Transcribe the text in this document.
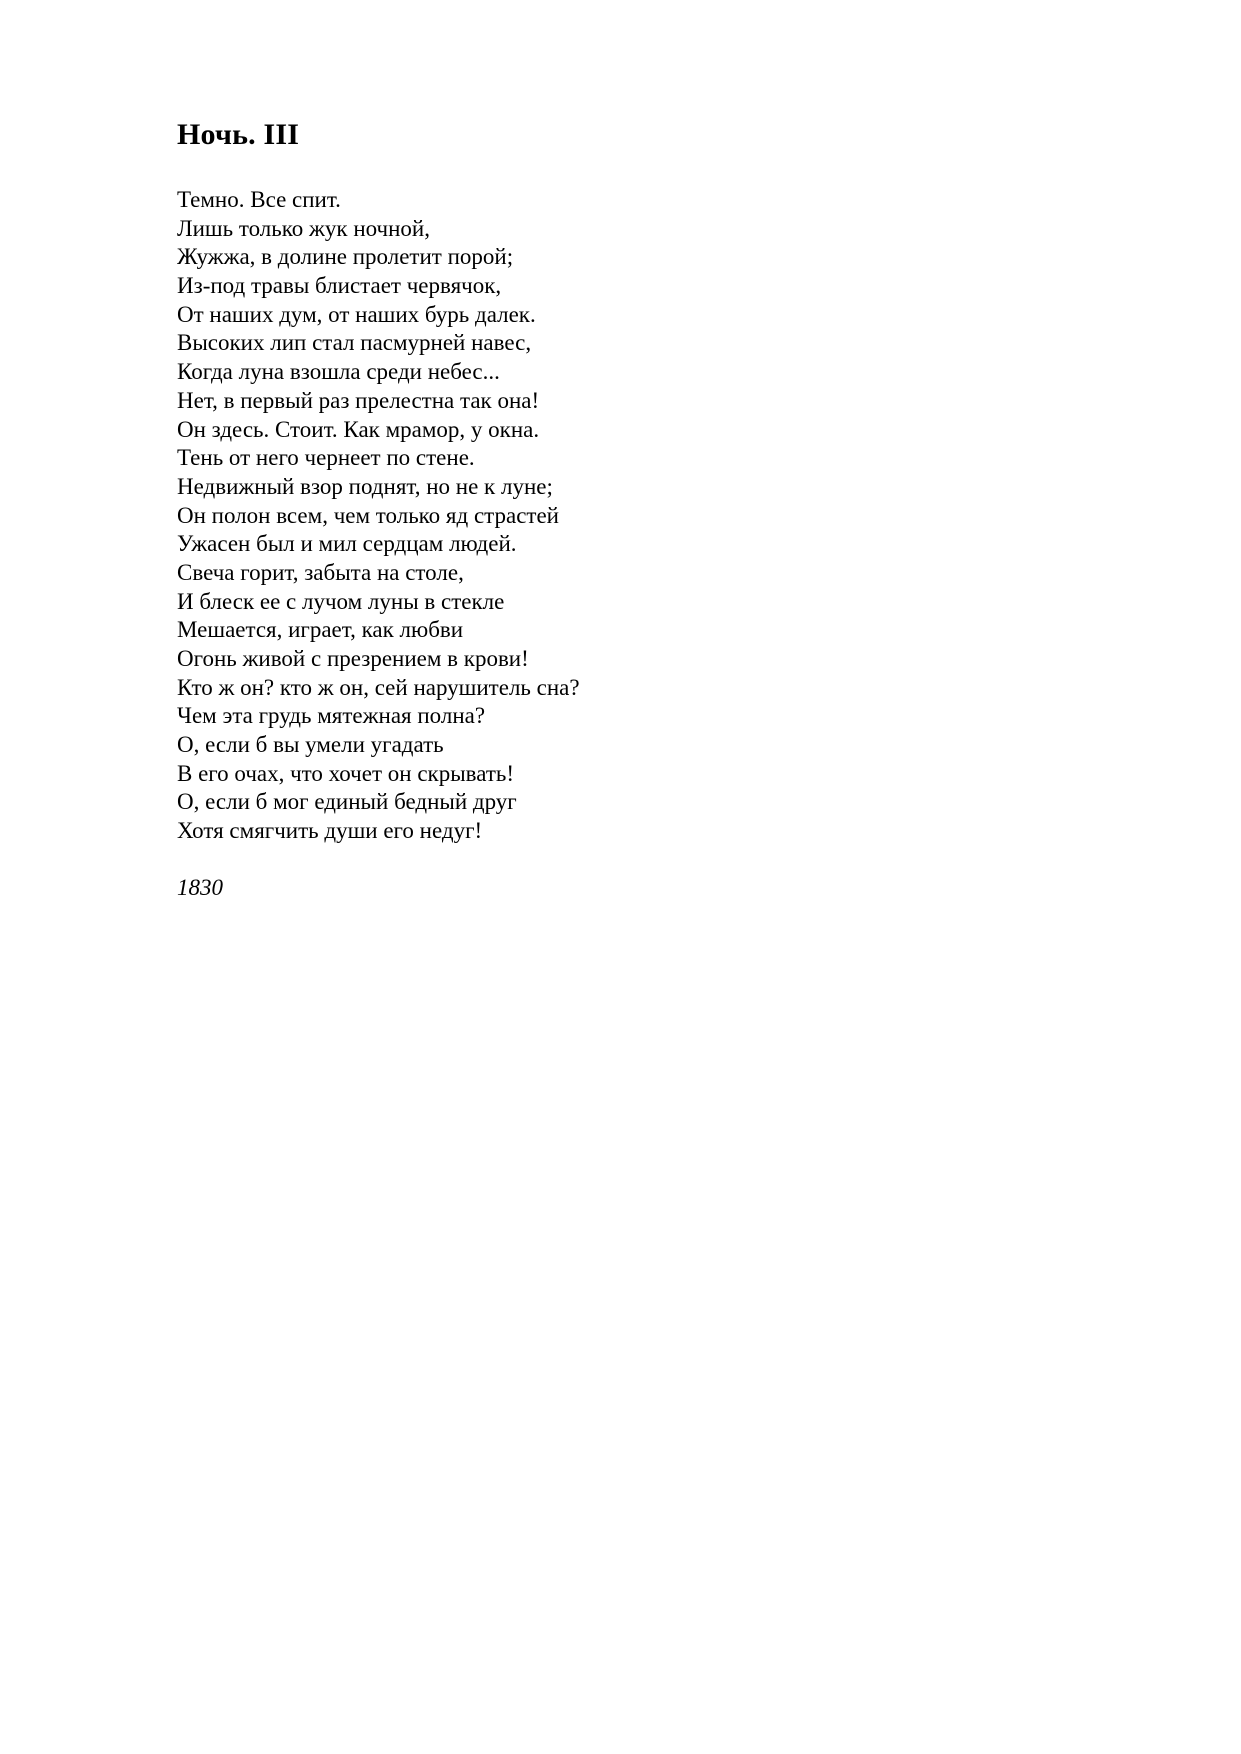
Ночь. III
Темно. Все спит.
Лишь только жук ночной,
Жужжа, в долине пролетит порой;
Из-под травы блистает червячок,
От наших дум, от наших бурь далек.
Высоких лип стал пасмурней навес,
Когда луна взошла среди небес...
Нет, в первый раз прелестна так она!
Он здесь. Стоит. Как мрамор, у окна.
Тень от него чернеет по стене.
Недвижный взор поднят, но не к луне;
Он полон всем, чем только яд страстей
Ужасен был и мил сердцам людей.
Свеча горит, забыта на столе,
И блеск ее с лучом луны в стекле
Мешается, играет, как любви
Огонь живой с презрением в крови!
Кто ж он? кто ж он, сей нарушитель сна?
Чем эта грудь мятежная полна?
О, если б вы умели угадать
В его очах, что хочет он скрывать!
О, если б мог единый бедный друг
Хотя смягчить души его недуг!

1830
